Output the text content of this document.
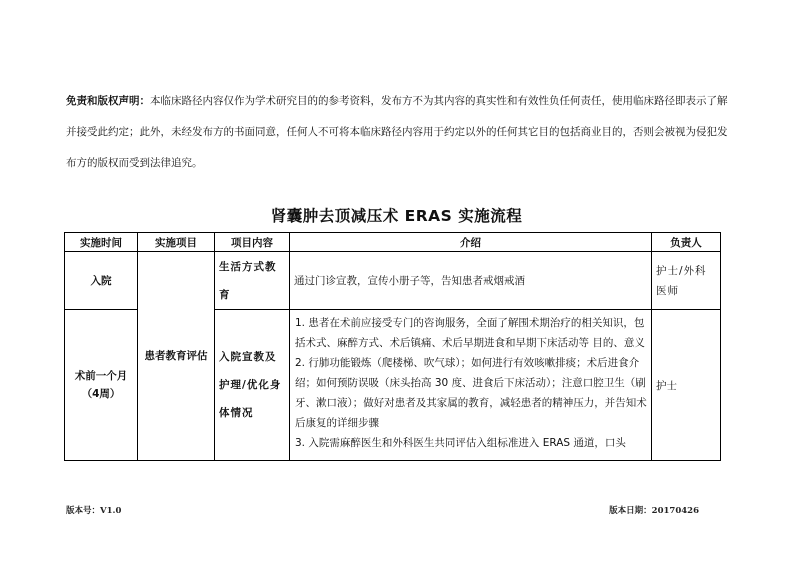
免责和版权声明：本临床路径内容仅作为学术研究目的的参考资料，发布方不为其内容的真实性和有效性负任何责任，使用临床路径即表示了解并接受此约定；此外，未经发布方的书面同意，任何人不可将本临床路径内容用于约定以外的任何其它目的包括商业目的，否则会被视为侵犯发布方的版权而受到法律追究。
肾囊肿去顶减压术 ERAS 实施流程
实施时间	实施项目	项目内容	介绍	负责人
入院	患者教育评估	生活方式教育	通过门诊宣教，宣传小册子等，告知患者戒烟戒酒	护士/外科医师
术前一个月（4周）		入院宣教及护理/优化身体情况	1. 患者在术前应接受专门的咨询服务，全面了解围术期治疗的相关知识，包括术式、麻醉方式、术后镇痛、术后早期进食和早期下床活动等 目的、意义
2. 行肺功能锻炼（爬楼梯、吹气球）；如何进行有效咳嗽排痰；术后进食介绍；如何预防误吸（床头抬高 30 度、进食后下床活动）；注意口腔卫生（刷牙、漱口液）；做好对患者及其家属的教育，减轻患者的精神压力，并告知术后康复的详细步骤
3. 入院需麻醉医生和外科医生共同评估入组标准进入 ERAS 通道，口头	护士
版本号：V1.0	版本日期：20170426
